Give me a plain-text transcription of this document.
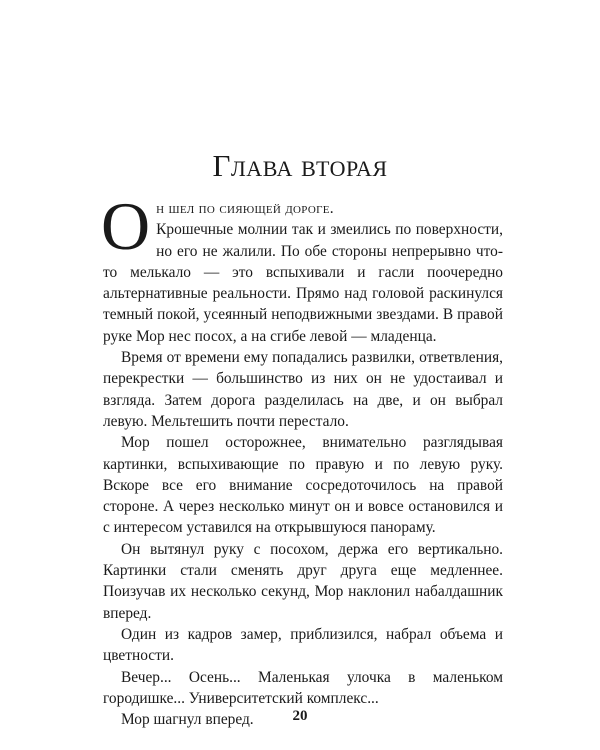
Глава вторая

Он шел по сияющей дороге.
Крошечные молнии так и змеились по поверхности, но его не жалили. По обе стороны непрерывно что-то мелькало — это вспыхивали и гасли поочередно альтернативные реальности. Прямо над головой раскинулся темный покой, усеянный неподвижными звездами. В правой руке Мор нес посох, а на сгибе левой — младенца.

Время от времени ему попадались развилки, ответвления, перекрестки — большинство из них он не удостаивал и взгляда. Затем дорога разделилась на две, и он выбрал левую. Мельтешить почти перестало.

Мор пошел осторожнее, внимательно разглядывая картинки, вспыхивающие по правую и по левую руку. Вскоре все его внимание сосредоточилось на правой стороне. А через несколько минут он и вовсе остановился и с интересом уставился на открывшуюся панораму.

Он вытянул руку с посохом, держа его вертикально. Картинки стали сменять друг друга еще медленнее. Поизучав их несколько секунд, Мор наклонил набалдашник вперед.

Один из кадров замер, приблизился, набрал объема и цветности.

Вечер... Осень... Маленькая улочка в маленьком городишке... Университетский комплекс...

Мор шагнул вперед.	20
